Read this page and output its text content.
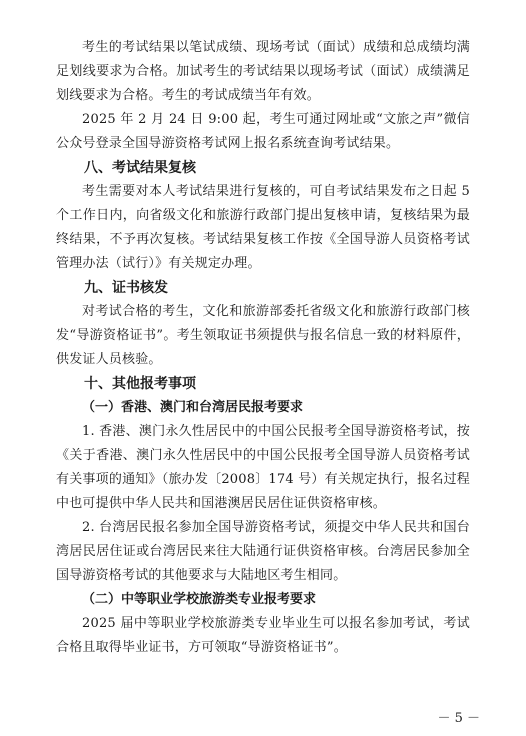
考生的考试结果以笔试成绩、现场考试（面试）成绩和总成绩均满足划线要求为合格。加试考生的考试结果以现场考试（面试）成绩满足划线要求为合格。考生的考试成绩当年有效。

2025 年 2 月 24 日 9:00 起，考生可通过网址或“文旅之声”微信公众号登录全国导游资格考试网上报名系统查询考试结果。

八、考试结果复核

考生需要对本人考试结果进行复核的，可自考试结果发布之日起 5 个工作日内，向省级文化和旅游行政部门提出复核申请，复核结果为最终结果，不予再次复核。考试结果复核工作按《全国导游人员资格考试管理办法（试行）》有关规定办理。

九、证书核发

对考试合格的考生，文化和旅游部委托省级文化和旅游行政部门核发“导游资格证书”。考生领取证书须提供与报名信息一致的材料原件，供发证人员核验。

十、其他报考事项

（一）香港、澳门和台湾居民报考要求

1. 香港、澳门永久性居民中的中国公民报考全国导游资格考试，按《关于香港、澳门永久性居民中的中国公民报考全国导游人员资格考试有关事项的通知》（旅办发〔2008〕174 号）有关规定执行，报名过程中也可提供中华人民共和国港澳居民居住证供资格审核。

2. 台湾居民报名参加全国导游资格考试，须提交中华人民共和国台湾居民居住证或台湾居民来往大陆通行证供资格审核。台湾居民参加全国导游资格考试的其他要求与大陆地区考生相同。

（二）中等职业学校旅游类专业报考要求

2025 届中等职业学校旅游类专业毕业生可以报名参加考试，考试合格且取得毕业证书，方可领取“导游资格证书”。

－ 5 －
